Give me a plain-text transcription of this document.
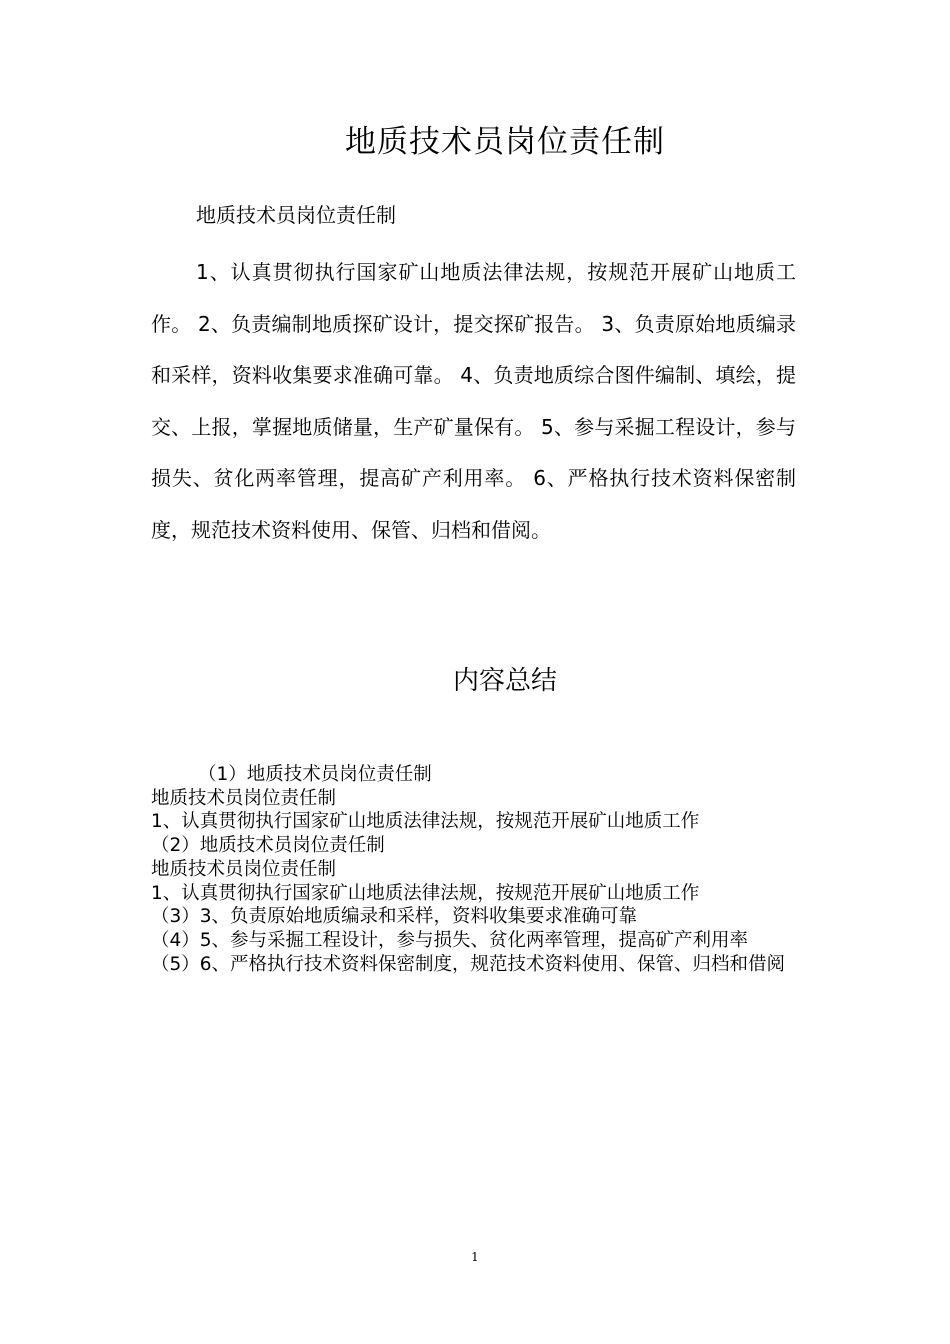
地质技术员岗位责任制
地质技术员岗位责任制

1、认真贯彻执行国家矿山地质法律法规，按规范开展矿山地质工作。 2、负责编制地质探矿设计，提交探矿报告。 3、负责原始地质编录和采样，资料收集要求准确可靠。 4、负责地质综合图件编制、填绘，提交、上报，掌握地质储量，生产矿量保有。 5、参与采掘工程设计，参与损失、贫化两率管理，提高矿产利用率。 6、严格执行技术资料保密制度，规范技术资料使用、保管、归档和借阅。

内容总结
（1）地质技术员岗位责任制
地质技术员岗位责任制
1、认真贯彻执行国家矿山地质法律法规，按规范开展矿山地质工作
（2）地质技术员岗位责任制
地质技术员岗位责任制
1、认真贯彻执行国家矿山地质法律法规，按规范开展矿山地质工作
（3）3、负责原始地质编录和采样，资料收集要求准确可靠
（4）5、参与采掘工程设计，参与损失、贫化两率管理，提高矿产利用率
（5）6、严格执行技术资料保密制度，规范技术资料使用、保管、归档和借阅
1
